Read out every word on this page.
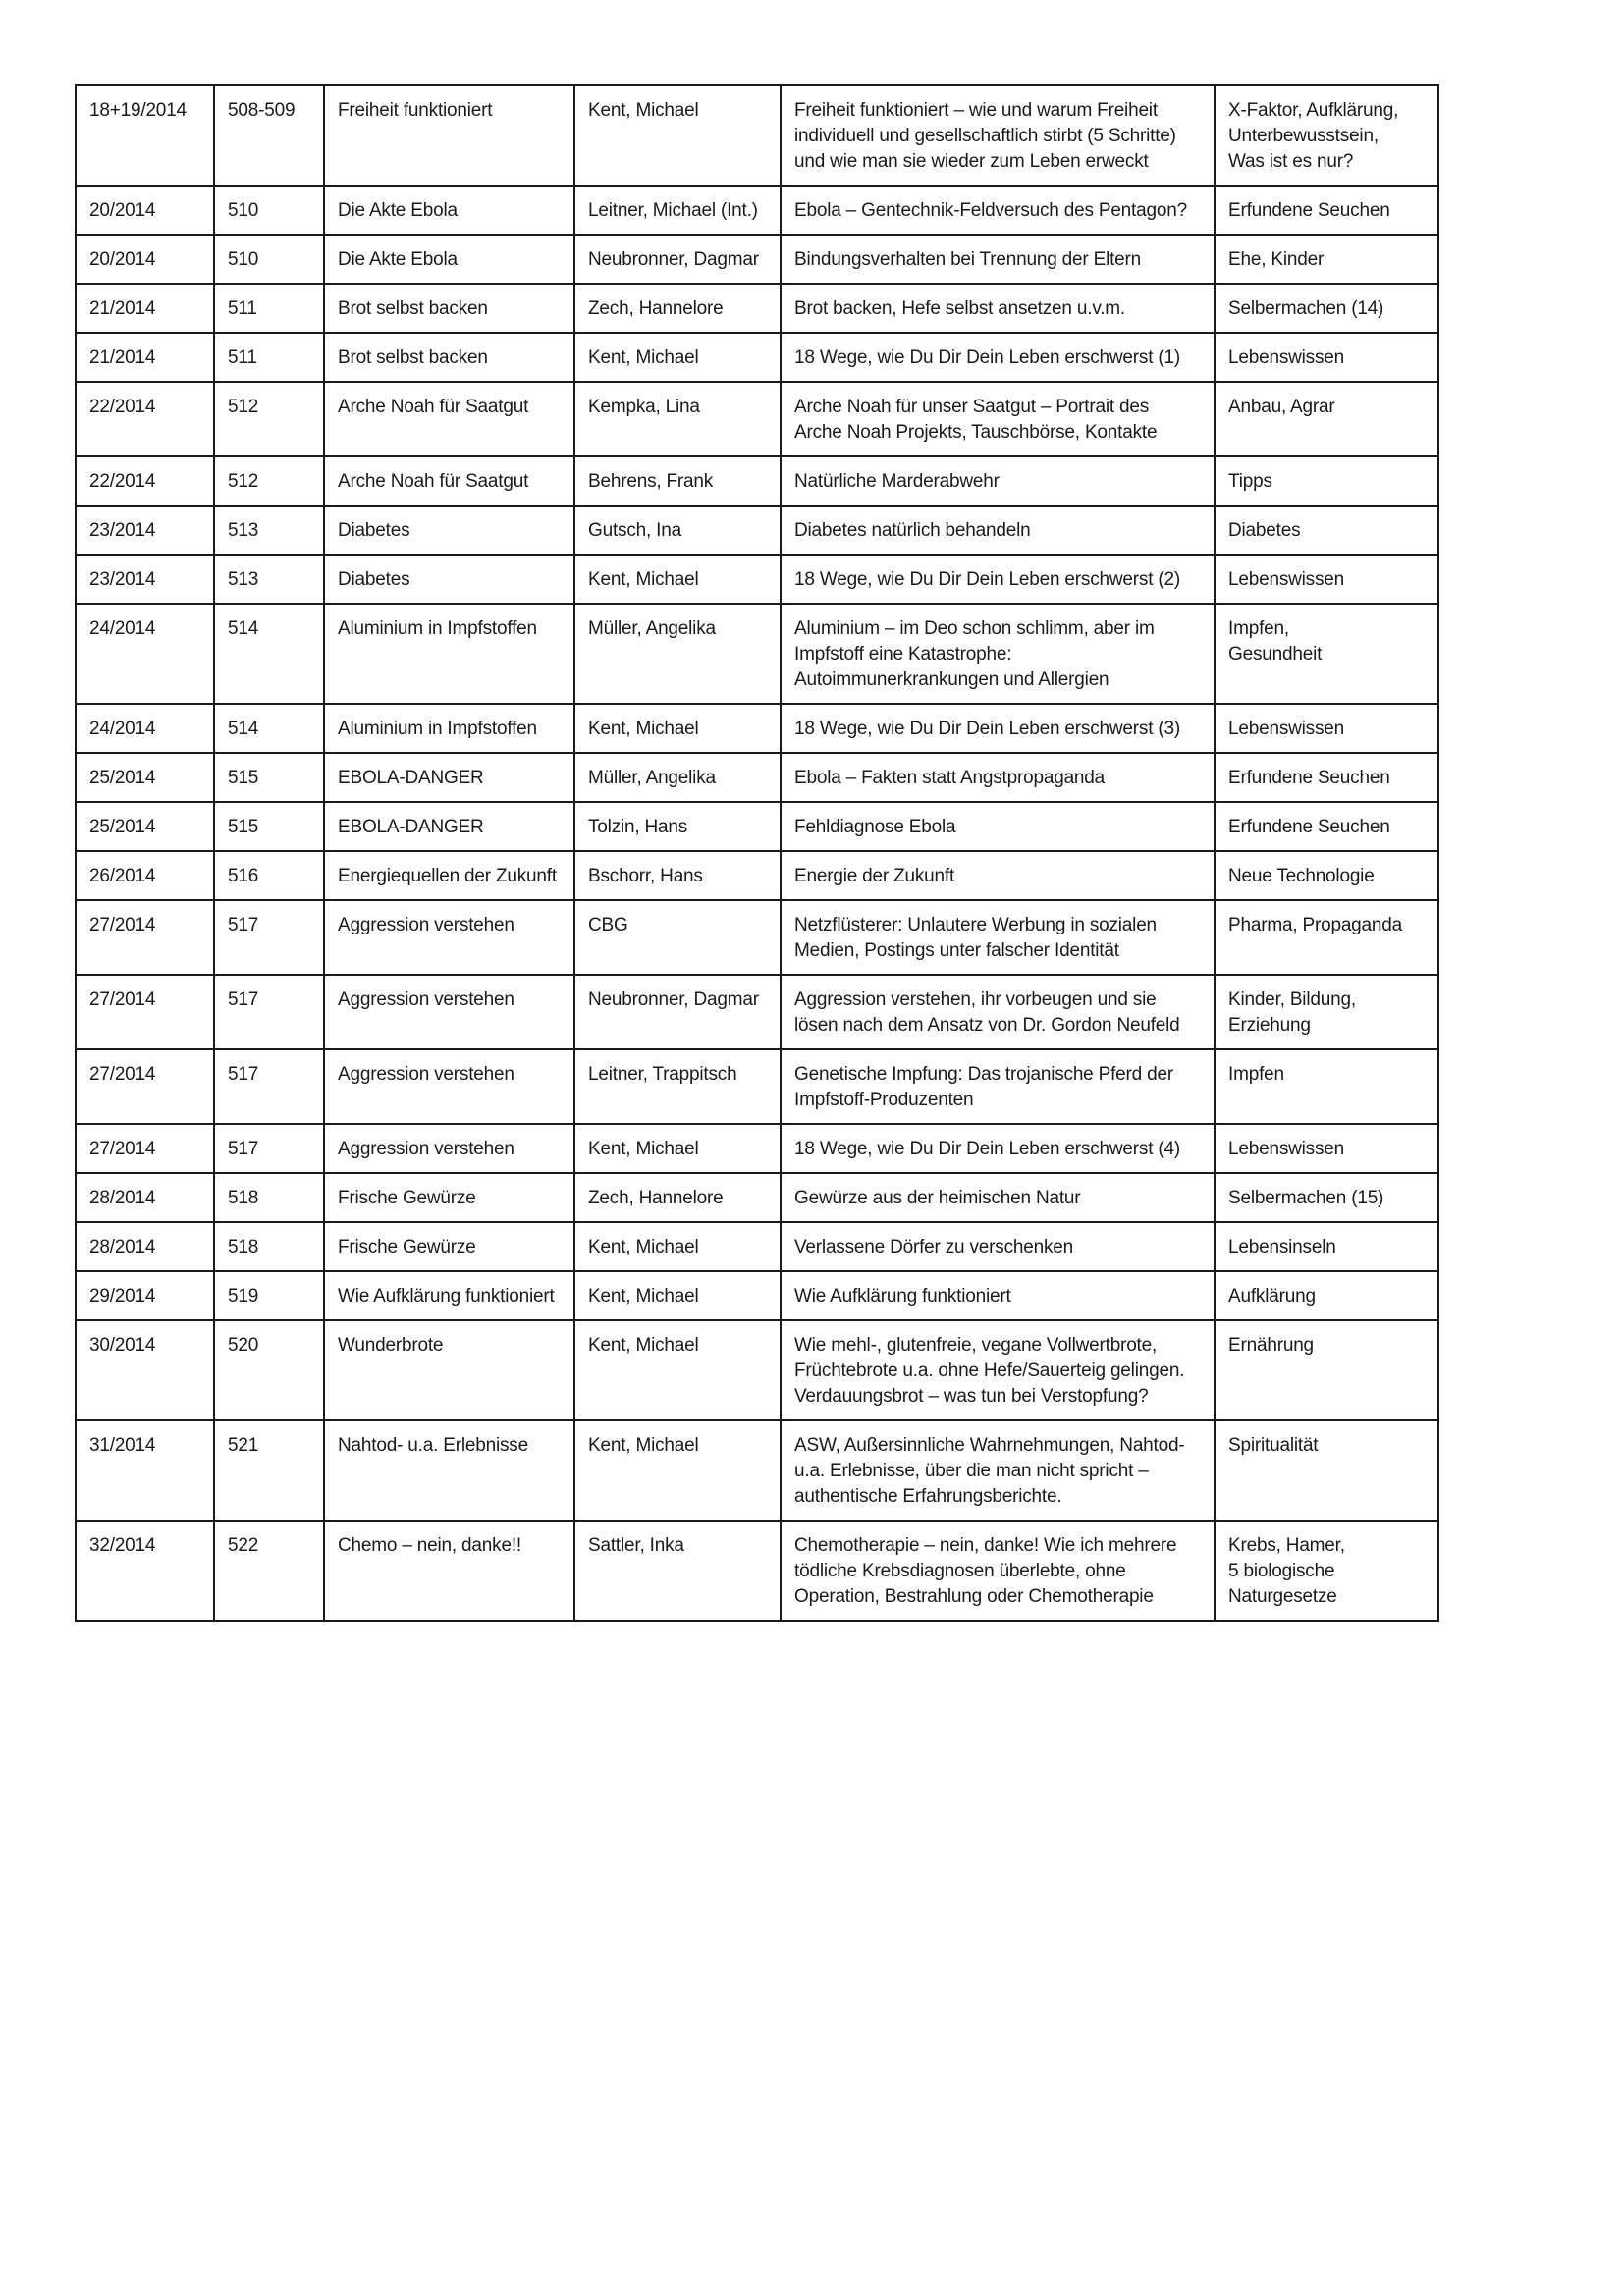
18+19/2014	508-509	Freiheit funktioniert	Kent, Michael	Freiheit funktioniert – wie und warum Freiheit
individuell und gesellschaftlich stirbt (5 Schritte)
und wie man sie wieder zum Leben erweckt	X-Faktor, Aufklärung,
Unterbewusstsein,
Was ist es nur?
20/2014	510	Die Akte Ebola	Leitner, Michael (Int.)	Ebola – Gentechnik-Feldversuch des Pentagon?	Erfundene Seuchen
20/2014	510	Die Akte Ebola	Neubronner, Dagmar	Bindungsverhalten bei Trennung der Eltern	Ehe, Kinder
21/2014	511	Brot selbst backen	Zech, Hannelore	Brot backen, Hefe selbst ansetzen u.v.m.	Selbermachen (14)
21/2014	511	Brot selbst backen	Kent, Michael	18 Wege, wie Du Dir Dein Leben erschwerst (1)	Lebenswissen
22/2014	512	Arche Noah für Saatgut	Kempka, Lina	Arche Noah für unser Saatgut – Portrait des
Arche Noah Projekts, Tauschbörse, Kontakte	Anbau, Agrar
22/2014	512	Arche Noah für Saatgut	Behrens, Frank	Natürliche Marderabwehr	Tipps
23/2014	513	Diabetes	Gutsch, Ina	Diabetes natürlich behandeln	Diabetes
23/2014	513	Diabetes	Kent, Michael	18 Wege, wie Du Dir Dein Leben erschwerst (2)	Lebenswissen
24/2014	514	Aluminium in Impfstoffen	Müller, Angelika	Aluminium – im Deo schon schlimm, aber im
Impfstoff eine Katastrophe:
Autoimmunerkrankungen und Allergien	Impfen,
Gesundheit
24/2014	514	Aluminium in Impfstoffen	Kent, Michael	18 Wege, wie Du Dir Dein Leben erschwerst (3)	Lebenswissen
25/2014	515	EBOLA-DANGER	Müller, Angelika	Ebola – Fakten statt Angstpropaganda	Erfundene Seuchen
25/2014	515	EBOLA-DANGER	Tolzin, Hans	Fehldiagnose Ebola	Erfundene Seuchen
26/2014	516	Energiequellen der Zukunft	Bschorr, Hans	Energie der Zukunft	Neue Technologie
27/2014	517	Aggression verstehen	CBG	Netzflüsterer: Unlautere Werbung in sozialen
Medien, Postings unter falscher Identität	Pharma, Propaganda
27/2014	517	Aggression verstehen	Neubronner, Dagmar	Aggression verstehen, ihr vorbeugen und sie
lösen nach dem Ansatz von Dr. Gordon Neufeld	Kinder, Bildung,
Erziehung
27/2014	517	Aggression verstehen	Leitner, Trappitsch	Genetische Impfung: Das trojanische Pferd der
Impfstoff-Produzenten	Impfen
27/2014	517	Aggression verstehen	Kent, Michael	18 Wege, wie Du Dir Dein Leben erschwerst (4)	Lebenswissen
28/2014	518	Frische Gewürze	Zech, Hannelore	Gewürze aus der heimischen Natur	Selbermachen (15)
28/2014	518	Frische Gewürze	Kent, Michael	Verlassene Dörfer zu verschenken	Lebensinseln
29/2014	519	Wie Aufklärung funktioniert	Kent, Michael	Wie Aufklärung funktioniert	Aufklärung
30/2014	520	Wunderbrote	Kent, Michael	Wie mehl-, glutenfreie, vegane Vollwertbrote,
Früchtebrote u.a. ohne Hefe/Sauerteig gelingen.
Verdauungsbrot – was tun bei Verstopfung?	Ernährung
31/2014	521	Nahtod- u.a. Erlebnisse	Kent, Michael	ASW, Außersinnliche Wahrnehmungen, Nahtod-
u.a. Erlebnisse, über die man nicht spricht –
authentische Erfahrungsberichte.	Spiritualität
32/2014	522	Chemo – nein, danke!!	Sattler, Inka	Chemotherapie – nein, danke! Wie ich mehrere
tödliche Krebsdiagnosen überlebte, ohne
Operation, Bestrahlung oder Chemotherapie	Krebs, Hamer,
5 biologische
Naturgesetze
